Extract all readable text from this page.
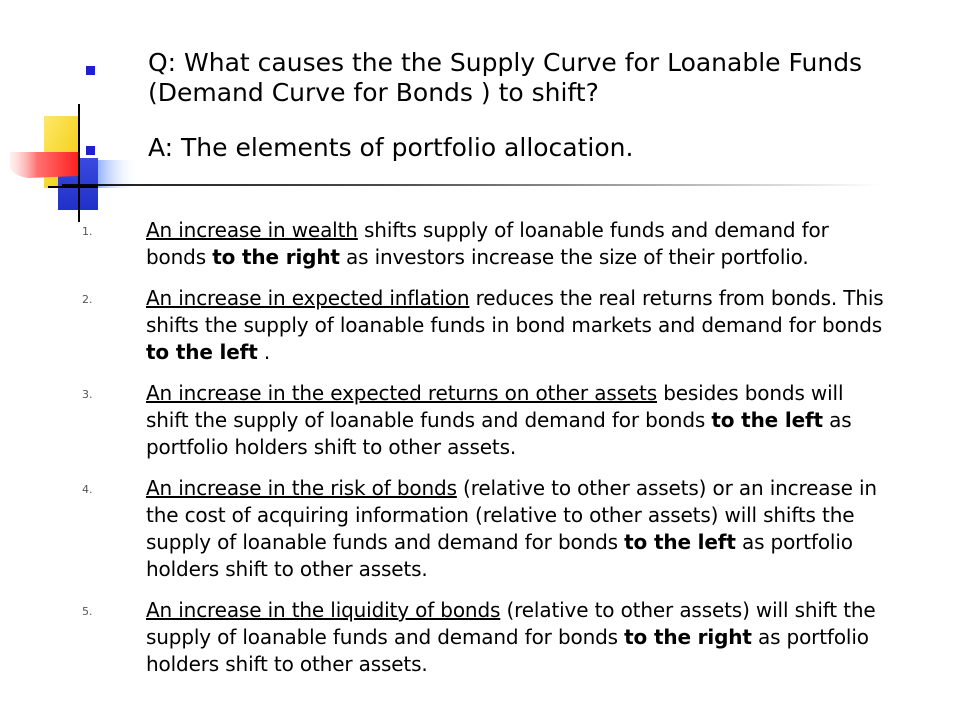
Q: What causes the the Supply Curve for Loanable Funds (Demand Curve for Bonds ) to shift?

A: The elements of portfolio allocation.

1.	An increase in wealth shifts supply of loanable funds and demand for bonds to the right as investors increase the size of their portfolio.
2.	An increase in expected inflation reduces the real returns from bonds. This shifts the supply of loanable funds in bond markets and demand for bonds to the left .
3.	An increase in the expected returns on other assets besides bonds will shift the supply of loanable funds and demand for bonds to the left as portfolio holders shift to other assets.
4.	An increase in the risk of bonds (relative to other assets) or an increase in the cost of acquiring information (relative to other assets) will shifts the supply of loanable funds and demand for bonds to the left as portfolio holders shift to other assets.
5.	An increase in the liquidity of bonds (relative to other assets) will shift the supply of loanable funds and demand for bonds to the right as portfolio holders shift to other assets.
